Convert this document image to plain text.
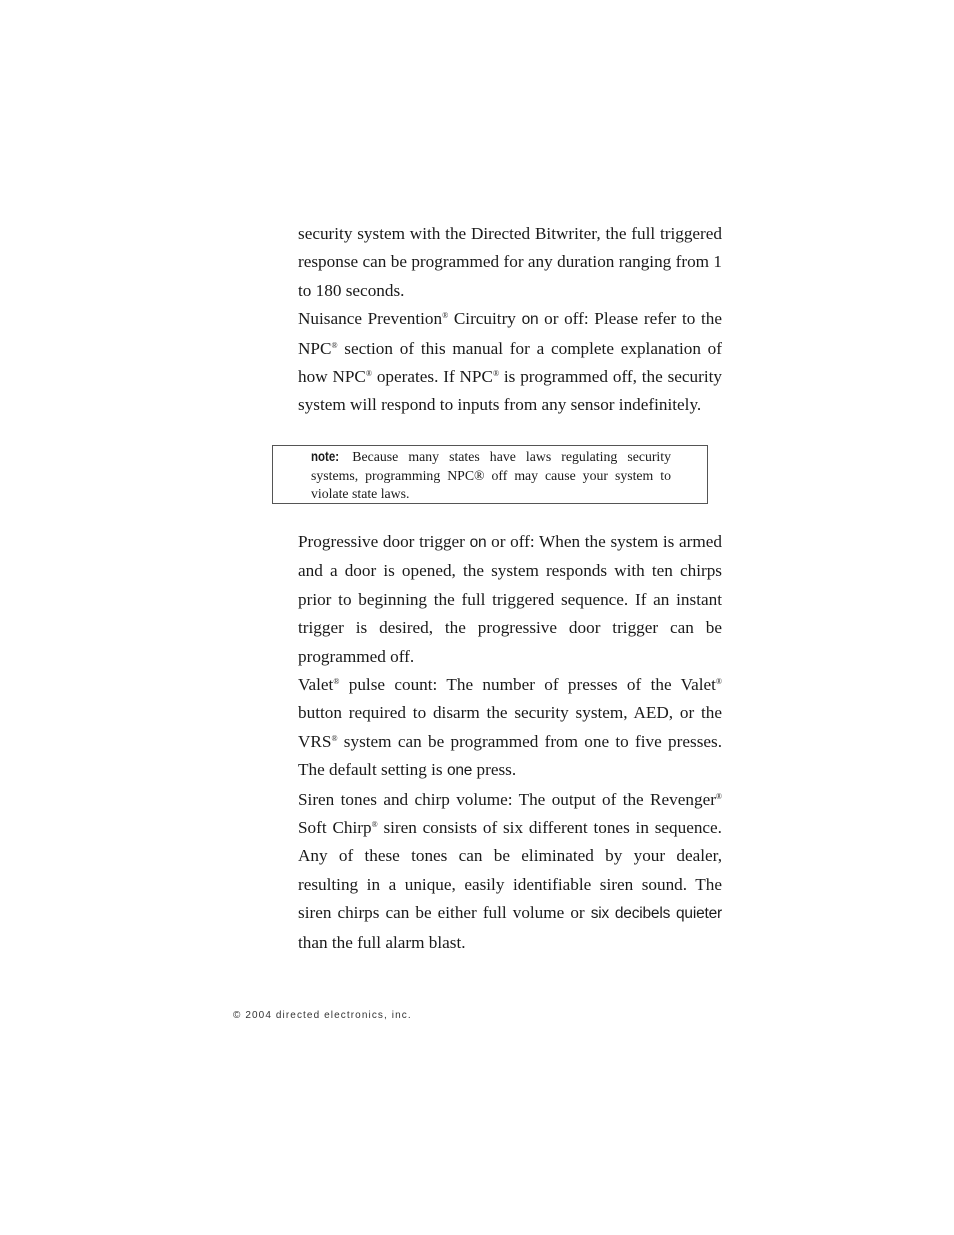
security system with the Directed Bitwriter, the full triggered response can be programmed for any duration ranging from 1 to 180 seconds.

Nuisance Prevention® Circuitry on or off: Please refer to the NPC® section of this manual for a complete explanation of how NPC® operates. If NPC® is programmed off, the security system will respond to inputs from any sensor indefinitely.

note: Because many states have laws regulating security systems, programming NPC® off may cause your system to violate state laws.

Progressive door trigger on or off: When the system is armed and a door is opened, the system responds with ten chirps prior to beginning the full triggered sequence. If an instant trigger is desired, the progressive door trigger can be programmed off.

Valet® pulse count: The number of presses of the Valet® button required to disarm the security system, AED, or the VRS® system can be programmed from one to five presses. The default setting is one press.

Siren tones and chirp volume: The output of the Revenger® Soft Chirp® siren consists of six different tones in sequence. Any of these tones can be eliminated by your dealer, resulting in a unique, easily identifiable siren sound. The siren chirps can be either full volume or six decibels quieter than the full alarm blast.

© 2004 directed electronics, inc.
